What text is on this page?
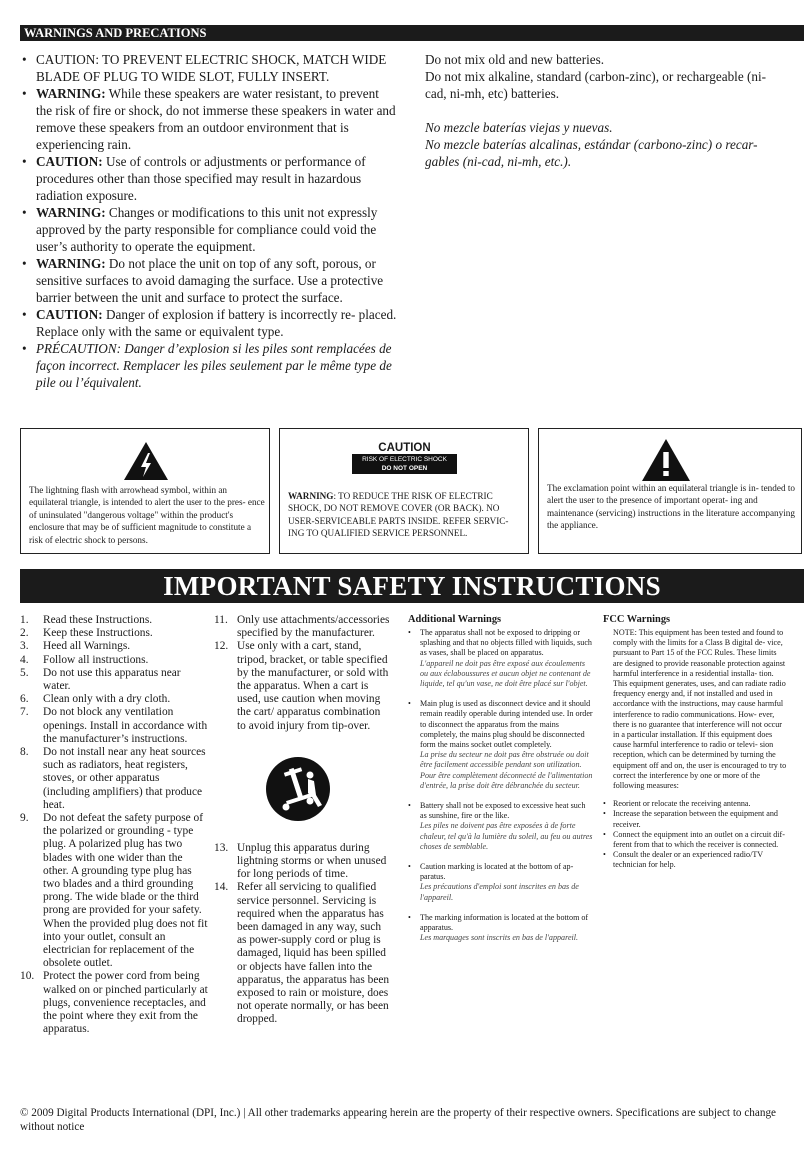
WARNINGS AND PRECATIONS
• CAUTION: TO PREVENT ELECTRIC SHOCK, MATCH WIDE BLADE OF PLUG TO WIDE SLOT, FULLY INSERT.
• WARNING: While these speakers are water resistant, to prevent the risk of fire or shock, do not immerse these speakers in water and remove these speakers from an outdoor environment that is experiencing rain.
• CAUTION: Use of controls or adjustments or performance of procedures other than those specified may result in hazardous radiation exposure.
• WARNING: Changes or modifications to this unit not expressly approved by the party responsible for compliance could void the user’s authority to operate the equipment.
• WARNING: Do not place the unit on top of any soft, porous, or sensitive surfaces to avoid damaging the surface. Use a protective barrier between the unit and surface to protect the surface.
• CAUTION: Danger of explosion if battery is incorrectly re- placed. Replace only with the same or equivalent type.
• PRÉCAUTION: Danger d’explosion si les piles sont remplacées de façon incorrect. Remplacer les piles seulement par le même type de pile ou l’équivalent.

Do not mix old and new batteries.

Do not mix alkaline, standard (carbon-zinc), or rechargeable (ni- cad, ni-mh, etc) batteries.

No mezcle baterías viejas y nuevas.

No mezcle baterías alcalinas, estándar (carbono-zinc) o recar- gables (ni-cad, ni-mh, etc.).

The lightning flash with arrowhead symbol, within an equilateral triangle, is intended to alert the user to the pres- ence of uninsulated "dangerous voltage" within the product's enclosure that may be of sufficient magnitude to constitute a risk of electric shock to persons.
CAUTION
RISK OF ELECTRIC SHOCK
DO NOT OPEN
WARNING: TO REDUCE THE RISK OF ELECTRIC SHOCK, DO NOT REMOVE COVER (OR BACK). NO USER-SERVICEABLE PARTS INSIDE. REFER SERVIC- ING TO QUALIFIED SERVICE PERSONNEL.
The exclamation point within an equilateral triangle is in- tended to alert the user to the presence of important operat- ing and maintenance (servicing) instructions in the literature accompanying the appliance.
IMPORTANT SAFETY INSTRUCTIONS
1. Read these Instructions.
2. Keep these Instructions.
3. Heed all Warnings.
4. Follow all instructions.
5. Do not use this apparatus near water.
6. Clean only with a dry cloth.
7. Do not block any ventilation openings. Install in accordance with the manufacturer’s instructions.
8. Do not install near any heat sources such as radiators, heat registers, stoves, or other apparatus (including amplifiers) that produce heat.
9. Do not defeat the safety purpose of the polarized or grounding - type plug. A polarized plug has two blades with one wider than the other. A grounding type plug has two blades and a third grounding prong. The wide blade or the third prong are provided for your safety. When the provided plug does not fit into your outlet, consult an electrician for replacement of the obsolete outlet.
10. Protect the power cord from being walked on or pinched particularly at plugs, convenience receptacles, and the point where they exit from the apparatus.
11. Only use attachments/accessories specified by the manufacturer.
12. Use only with a cart, stand, tripod, bracket, or table specified by the manufacturer, or sold with the apparatus. When a cart is used, use caution when moving the cart/ apparatus combination to avoid injury from tip-over.
13. Unplug this apparatus during lightning storms or when unused for long periods of time.
14. Refer all servicing to qualified service personnel. Servicing is required when the apparatus has been damaged in any way, such as power-supply cord or plug is damaged, liquid has been spilled or objects have fallen into the apparatus, the apparatus has been exposed to rain or moisture, does not operate normally, or has been dropped.
Additional Warnings
• The apparatus shall not be exposed to dripping or splashing and that no objects filled with liquids, such as vases, shall be placed on apparatus.
L'appareil ne doit pas être exposé aux écoulements ou aux éclaboussures et aucun objet ne contenant de liquide, tel qu'un vase, ne doit être placé sur l'objet.
• Main plug is used as disconnect device and it should remain readily operable during intended use. In order to disconnect the apparatus from the mains completely, the mains plug should be disconnected form the mains socket outlet completely.
La prise du secteur ne doit pas être obstruée ou doit être facilement accessible pendant son utilization. Pour être complètement déconnecté de l'alimentation d'entrée, la prise doit être débranchée du secteur.
• Battery shall not be exposed to excessive heat such as sunshine, fire or the like.
Les piles ne doivent pas être exposées à de forte chaleur, tel qu'à la lumière du soleil, au feu ou autres choses de semblable.
• Caution marking is located at the bottom of ap- paratus.
Les précautions d'emploi sont inscrites en bas de l'appareil.
• The marking information is located at the bottom of apparatus.
Les marquages sont inscrits en bas de l'appareil.
FCC Warnings
NOTE: This equipment has been tested and found to comply with the limits for a Class B digital de- vice, pursuant to Part 15 of the FCC Rules. These limits are designed to provide reasonable protection against harmful interference in a residential installa- tion. This equipment generates, uses, and can radiate radio frequency energy and, if not installed and used in accordance with the instructions, may cause harmful interference to radio communications. How- ever, there is no guarantee that interference will not occur in a particular installation. If this equipment does cause harmful interference to radio or televi- sion reception, which can be determined by turning the equipment off and on, the user is encouraged to try to correct the interference by one or more of the following measures:
• Reorient or relocate the receiving antenna.
• Increase the separation between the equipment and receiver.
• Connect the equipment into an outlet on a circuit dif- ferent from that to which the receiver is connected.
• Consult the dealer or an experienced radio/TV technician for help.
© 2009 Digital Products International (DPI, Inc.) | All other trademarks appearing herein are the property of their respective owners. Specifications are subject to change without notice
